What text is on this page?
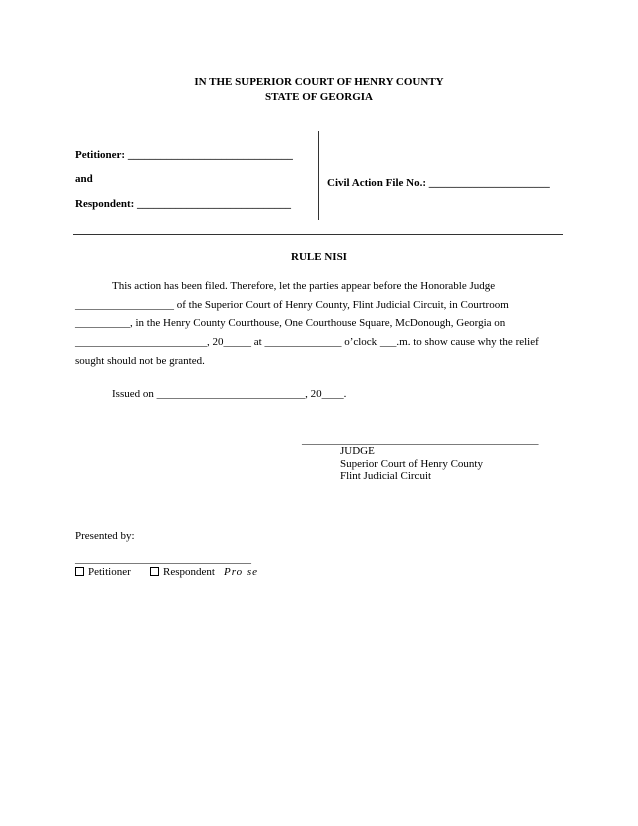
IN THE SUPERIOR COURT OF HENRY COUNTY
STATE OF GEORGIA
Petitioner: ______________________________
and
Respondent: ____________________________
Civil Action File No.: ______________________
RULE NISI
This action has been filed. Therefore, let the parties appear before the Honorable Judge
__________________ of the Superior Court of Henry County, Flint Judicial Circuit, in Courtroom
__________, in the Henry County Courthouse, One Courthouse Square, McDonough, Georgia on
________________________, 20_____ at ______________ o’clock ___.m. to show cause why the relief
sought should not be granted.
Issued on ___________________________, 20____.
___________________________________________
JUDGE
Superior Court of Henry County
Flint Judicial Circuit
Presented by:
________________________________
Petitioner	Respondent Pro se
